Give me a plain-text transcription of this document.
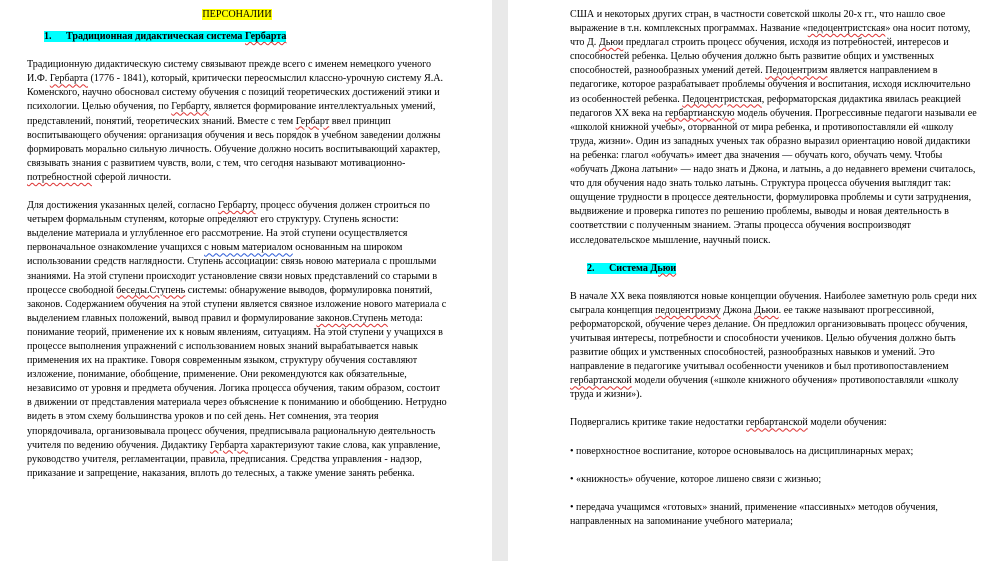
ПЕРСОНАЛИИ

1. Традиционная дидактическая система Гербарта

Традиционную дидактическую систему связывают прежде всего с именем немецкого ученого И.Ф. Гербарта (1776 - 1841), который, критически переосмыслил классно-урочную систему Я.А. Коменского, научно обосновал систему обучения с позиций теоретических достижений этики и психологии. Целью обучения, по Гербарту, является формирование интеллектуальных умений, представлений, понятий, теоретических знаний. Вместе с тем Гербарт ввел принцип воспитывающего обучения: организация обучения и весь порядок в учебном заведении должны формировать морально сильную личность. Обучение должно носить воспитывающий характер, связывать знания с развитием чувств, воли, с тем, что сегодня называют мотивационно-потребностной сферой личности.

Для достижения указанных целей, согласно Гербарту, процесс обучения должен строиться по четырем формальным ступеням, которые определяют его структуру. Ступень ясности: выделение материала и углубленное его рассмотрение. На этой ступени осуществляется первоначальное ознакомление учащихся с новым материалом основанным на широком использовании средств наглядности. Ступень ассоциации: связь новою материала с прошлыми знаниями. На этой ступени происходит установление связи новых представлений со старыми в процессе свободной беседы.Ступень системы: обнаружение выводов, формулировка понятий, законов. Содержанием обучения на этой ступени является связное изложение нового материала с выделением главных положений, вывод правил и формулирование законов.Ступень метода: понимание теорий, применение их к новым явлениям, ситуациям. На этой ступени у учащихся в процессе выполнения упражнений с использованием новых знаний вырабатывается навык применения их на практике. Говоря современным языком, структуру обучения составляют изложение, понимание, обобщение, применение. Они рекомендуются как обязательные, независимо от уровня и предмета обучения. Логика процесса обучения, таким образом, состоит в движении от представления материала через объяснение к пониманию и обобщению. Нетрудно видеть в этом схему большинства уроков и по сей день. Нет сомнения, эта теория упорядочивала, организовывала процесс обучения, предписывала рациональную деятельность учителя по ведению обучения. Дидактику Гербарта характеризуют такие слова, как управление, руководство учителя, регламентации, правила, предписания. Средства управления - надзор, приказание и запрещение, наказания, вплоть до телесных, а также умение занять ребенка.

США и некоторых других стран, в частности советской школы 20-х гг., что нашло свое выражение в т.н. комплексных программах. Название «педоцентристская» она носит потому, что Д. Дьюи предлагал строить процесс обучения, исходя из потребностей, интересов и способностей ребенка. Целью обучения должно быть развитие общих и умственных способностей, разнообразных умений детей. Педоцентризм является направлением в педагогике, которое разрабатывает проблемы обучения и воспитания, исходя исключительно из особенностей ребенка. Педоцентристская, реформаторская дидактика явилась реакцией педагогов ХХ века на гербартианскую модель обучения. Прогрессивные педагоги называли ее «школой книжной учебы», оторванной от мира ребенка, и противопоставляли ей «школу труда, жизни». Один из западных ученых так образно выразил ориентацию новой дидактики на ребенка: глагол «обучать» имеет два значения — обучать кого, обучать чему. Чтобы «обучать Джона латыни» — надо знать и Джона, и латынь, а до недавнего времени считалось, что для обучения надо знать только латынь. Структура процесса обучения выглядит так: ощущение трудности в процессе деятельности, формулировка проблемы и сути затруднения, выдвижение и проверка гипотез по решению проблемы, выводы и новая деятельность в соответствии с полученным знанием. Этапы процесса обучения воспроизводят исследовательское мышление, научный поиск.

2. Система Дьюи

В начале ХХ века появляются новые концепции обучения. Наиболее заметную роль среди них сыграла концепция педоцентризму Джона Дьюи. ее также называют прогрессивной, реформаторской, обучение через делание. Он предложил организовывать процесс обучения, учитывая интересы, потребности и способности учеников. Целью обучения должно быть развитие общих и умственных способностей, разнообразных навыков и умений. Это направление в педагогике учитывал особенности учеников и был противопоставлением гербартанской модели обучения («школе книжного обучения» противопоставляли «школу труда и жизни»).

Подвергались критике такие недостатки гербартанской модели обучения:

• поверхностное воспитание, которое основывалось на дисциплинарных мерах;

• «книжность» обучение, которое лишено связи с жизнью;

• передача учащимся «готовых» знаний, применение «пассивных» методов обучения, направленных на запоминание учебного материала;
